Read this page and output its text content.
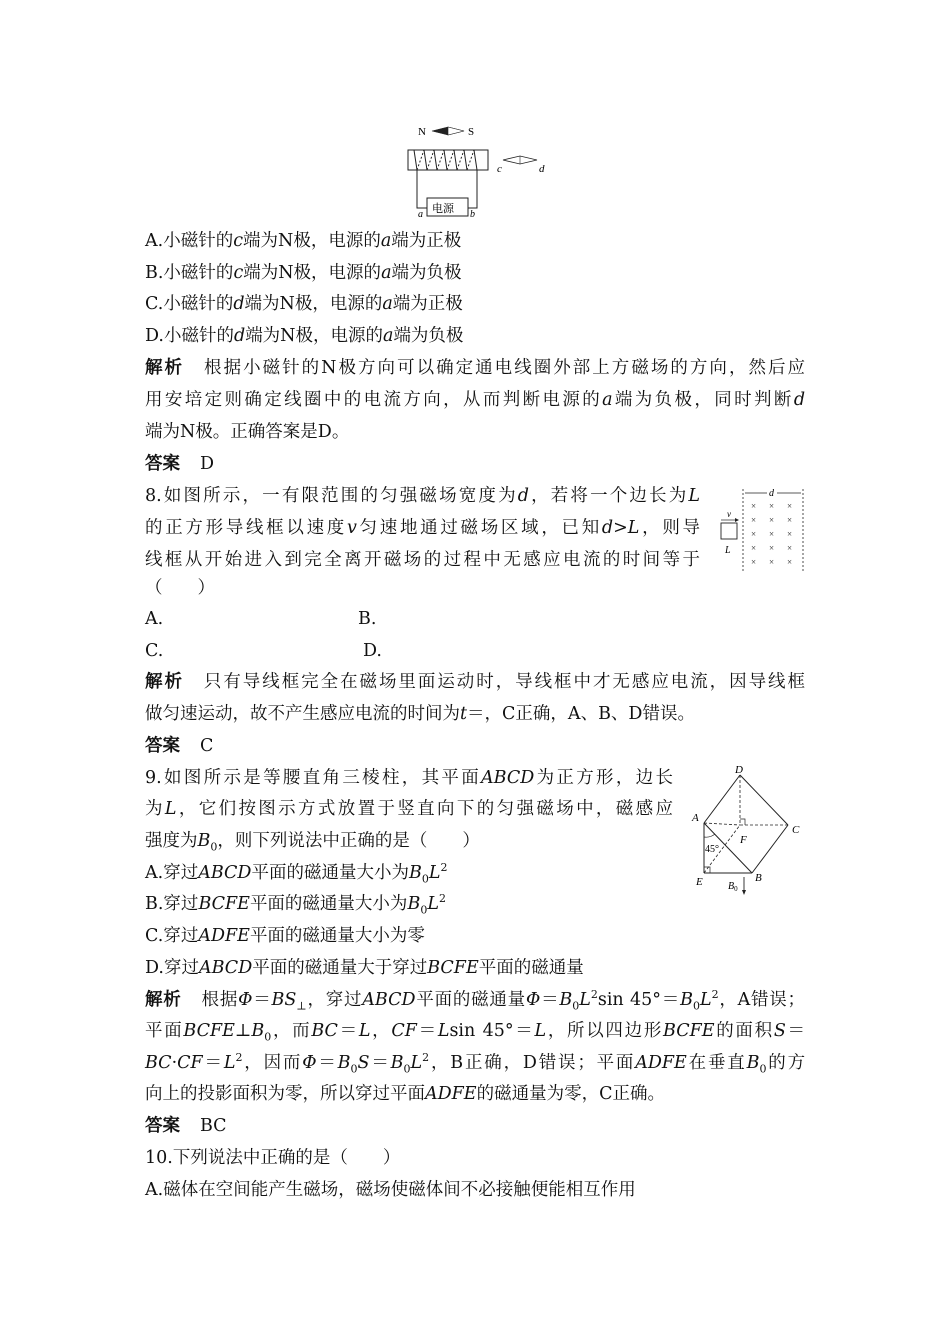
N	S
电源
a	b
c	d
A.小磁针的c端为N极，电源的a端为正极
B.小磁针的c端为N极，电源的a端为负极
C.小磁针的d端为N极，电源的a端为正极
D.小磁针的d端为N极，电源的a端为负极
解析 根据小磁针的N极方向可以确定通电线圈外部上方磁场的方向，然后应
用安培定则确定线圈中的电流方向，从而判断电源的a端为负极，同时判断d
端为N极。正确答案是D。
答案 D
8.如图所示，一有限范围的匀强磁场宽度为d，若将一个边长为L
的正方形导线框以速度v匀速地通过磁场区域，已知d>L，则导
线框从开始进入到完全离开磁场的过程中无感应电流的时间等于
（　　）
d
× × ×
× × ×
× × ×
× × ×
× × ×
v
L
A.	B.
C.	D.
解析 只有导线框完全在磁场里面运动时，导线框中才无感应电流，因导线框
做匀速运动，故不产生感应电流的时间为t＝，C正确，A、B、D错误。
答案 C
9.如图所示是等腰直角三棱柱，其平面ABCD为正方形，边长
为L，它们按图示方式放置于竖直向下的匀强磁场中，磁感应
强度为$B_0$，则下列说法中正确的是（　　）
D
A
C
F
45°
E	B
$B_0$
A.穿过ABCD平面的磁通量大小为$B_0L^2$
B.穿过BCFE平面的磁通量大小为$B_0L^2$
C.穿过ADFE平面的磁通量大小为零
D.穿过ABCD平面的磁通量大于穿过BCFE平面的磁通量
解析 根据$\Phi=BS_\perp$，穿过ABCD平面的磁通量$\Phi=B_0L^2\sin$ $45^\circ=B_0L^2$，A错误；
平面$BCFE\perp B_0$，而BC＝L，CF＝Lsin 45°＝L，所以四边形BCFE的面积S＝
$BC\cdot CF=L^2$，因而$\Phi=B_0S=B_0L^2$，B正确，D错误；平面ADFE在垂直$B_0$的方
向上的投影面积为零，所以穿过平面ADFE的磁通量为零，C正确。
答案 BC
10.下列说法中正确的是（　　）
A.磁体在空间能产生磁场，磁场使磁体间不必接触便能相互作用
